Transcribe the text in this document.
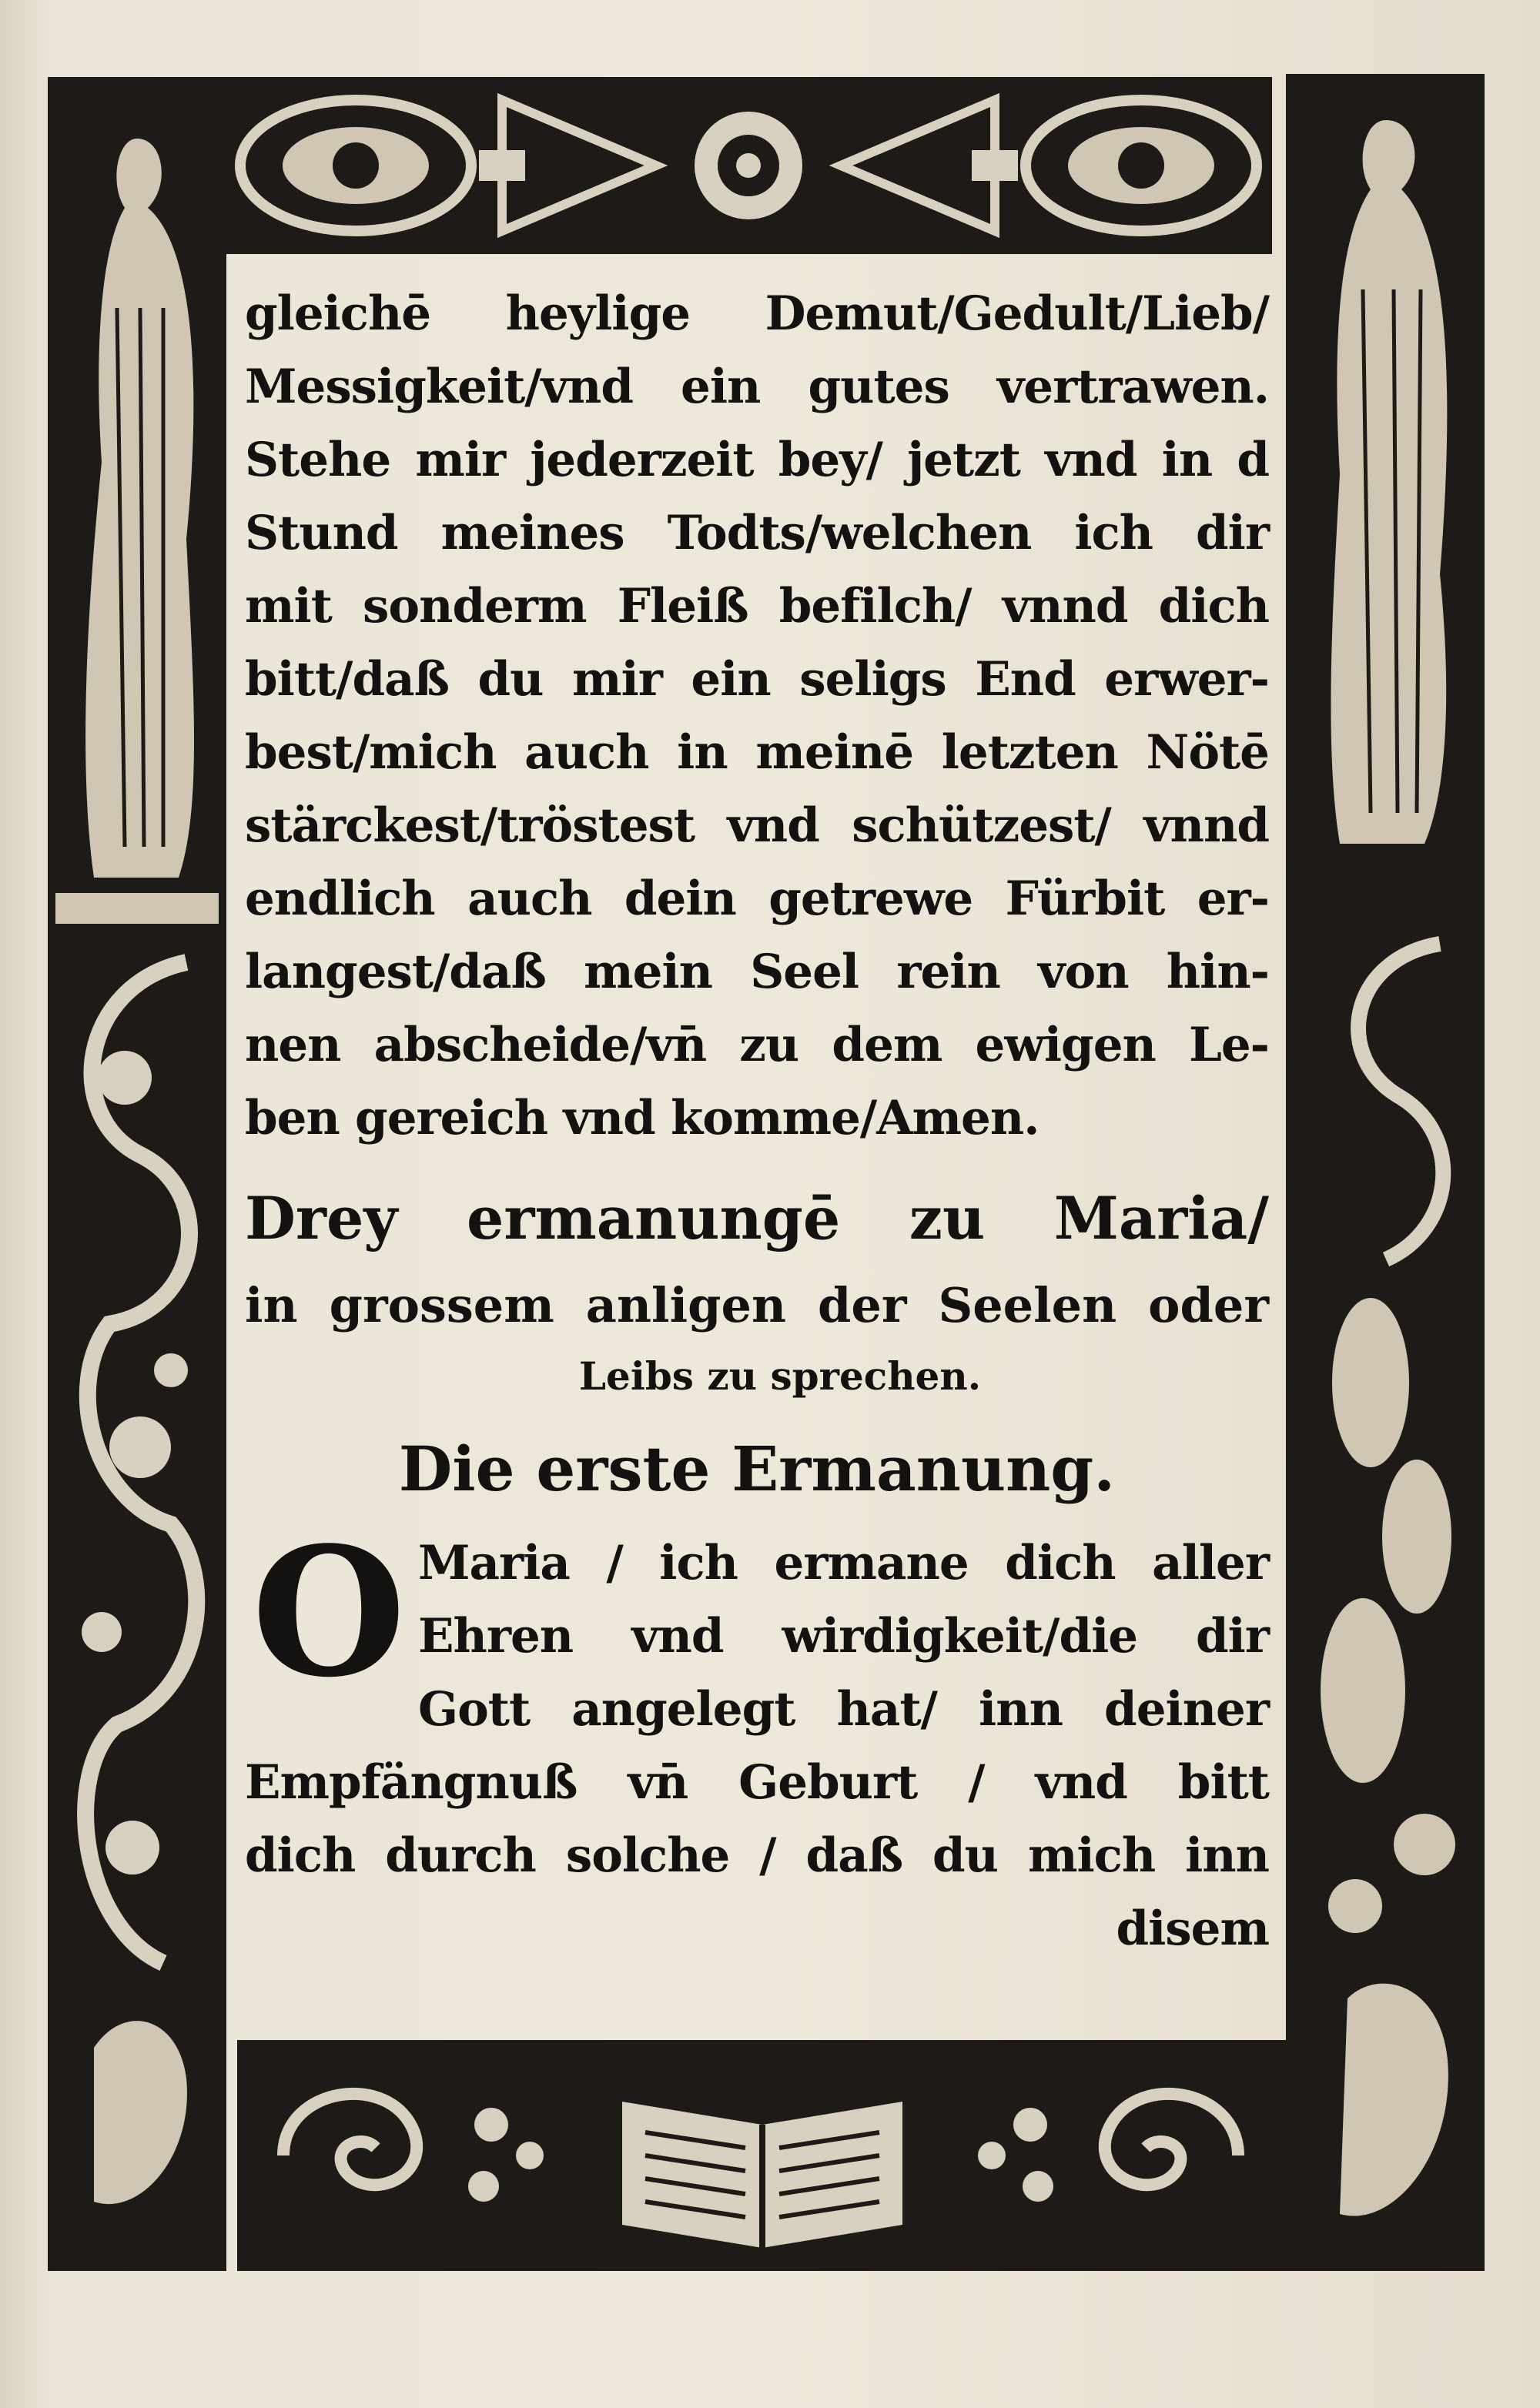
gleichē heylige Demut/Gedult/Lieb/
Messigkeit/vnd ein gutes vertrawen.
Stehe mir jederzeit bey/ jetzt vnd in d
Stund meines Todts/welchen ich dir
mit sonderm Fleiß befilch/ vnnd dich
bitt/daß du mir ein seligs End erwer-
best/mich auch in meinē letzten Nötē
stärckest/tröstest vnd schützest/ vnnd
endlich auch dein getrewe Fürbit er-
langest/daß mein Seel rein von hin-
nen abscheide/vn̄ zu dem ewigen Le-
ben gereich vnd komme/Amen.
Drey ermanungē zu Maria/
in grossem anligen der Seelen oder
Leibs zu sprechen.
Die erste Ermanung.
O Maria / ich ermane dich aller
Ehren vnd wirdigkeit/die dir
Gott angelegt hat/ inn deiner
Empfängnuß vn̄ Geburt / vnd bitt
dich durch solche / daß du mich inn
disem
